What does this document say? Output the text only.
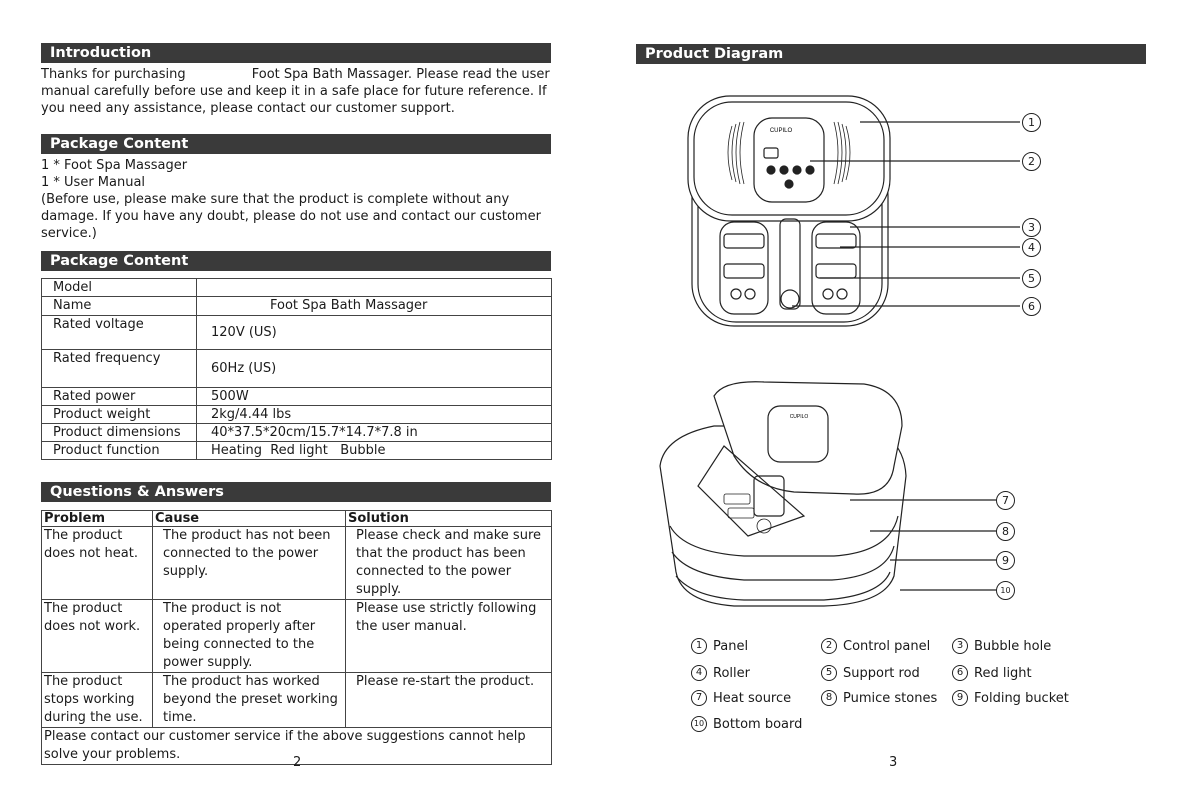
Introduction
Thanks for purchasing                Foot Spa Bath Massager. Please read the user
manual carefully before use and keep it in a safe place for future reference. If
you need any assistance, please contact our customer support.
Package Content
1 * Foot Spa Massager
1 * User Manual
(Before use, please make sure that the product is complete without any
damage. If you have any doubt, please do not use and contact our customer
service.)
Package Content
Model	
Name	Foot Spa Bath Massager
Rated voltage	120V (US)
Rated frequency	60Hz (US)
Rated power	500W
Product weight	2kg/4.44 lbs
Product dimensions	40*37.5*20cm/15.7*14.7*7.8 in
Product function	Heating  Red light   Bubble
Questions & Answers
Problem	Cause	Solution
The product does not heat.	The product has not been connected to the power supply.	Please check and make sure that the product has been connected to the power supply.
The product does not work.	The product is not operated properly after being connected to the power supply.	Please use strictly following the user manual.
The product stops working during the use.	The product has worked beyond the preset working time.	Please re-start the product.
Please contact our customer service if the above suggestions cannot help solve your problems.		
2
Product Diagram
CUPILO
1
2
3
4
5
6
CUPILO
7
8
9
10
1 Panel	2 Control panel	3 Bubble hole
4 Roller	5 Support rod	6 Red light
7 Heat source	8 Pumice stones	9 Folding bucket
10 Bottom board
3
